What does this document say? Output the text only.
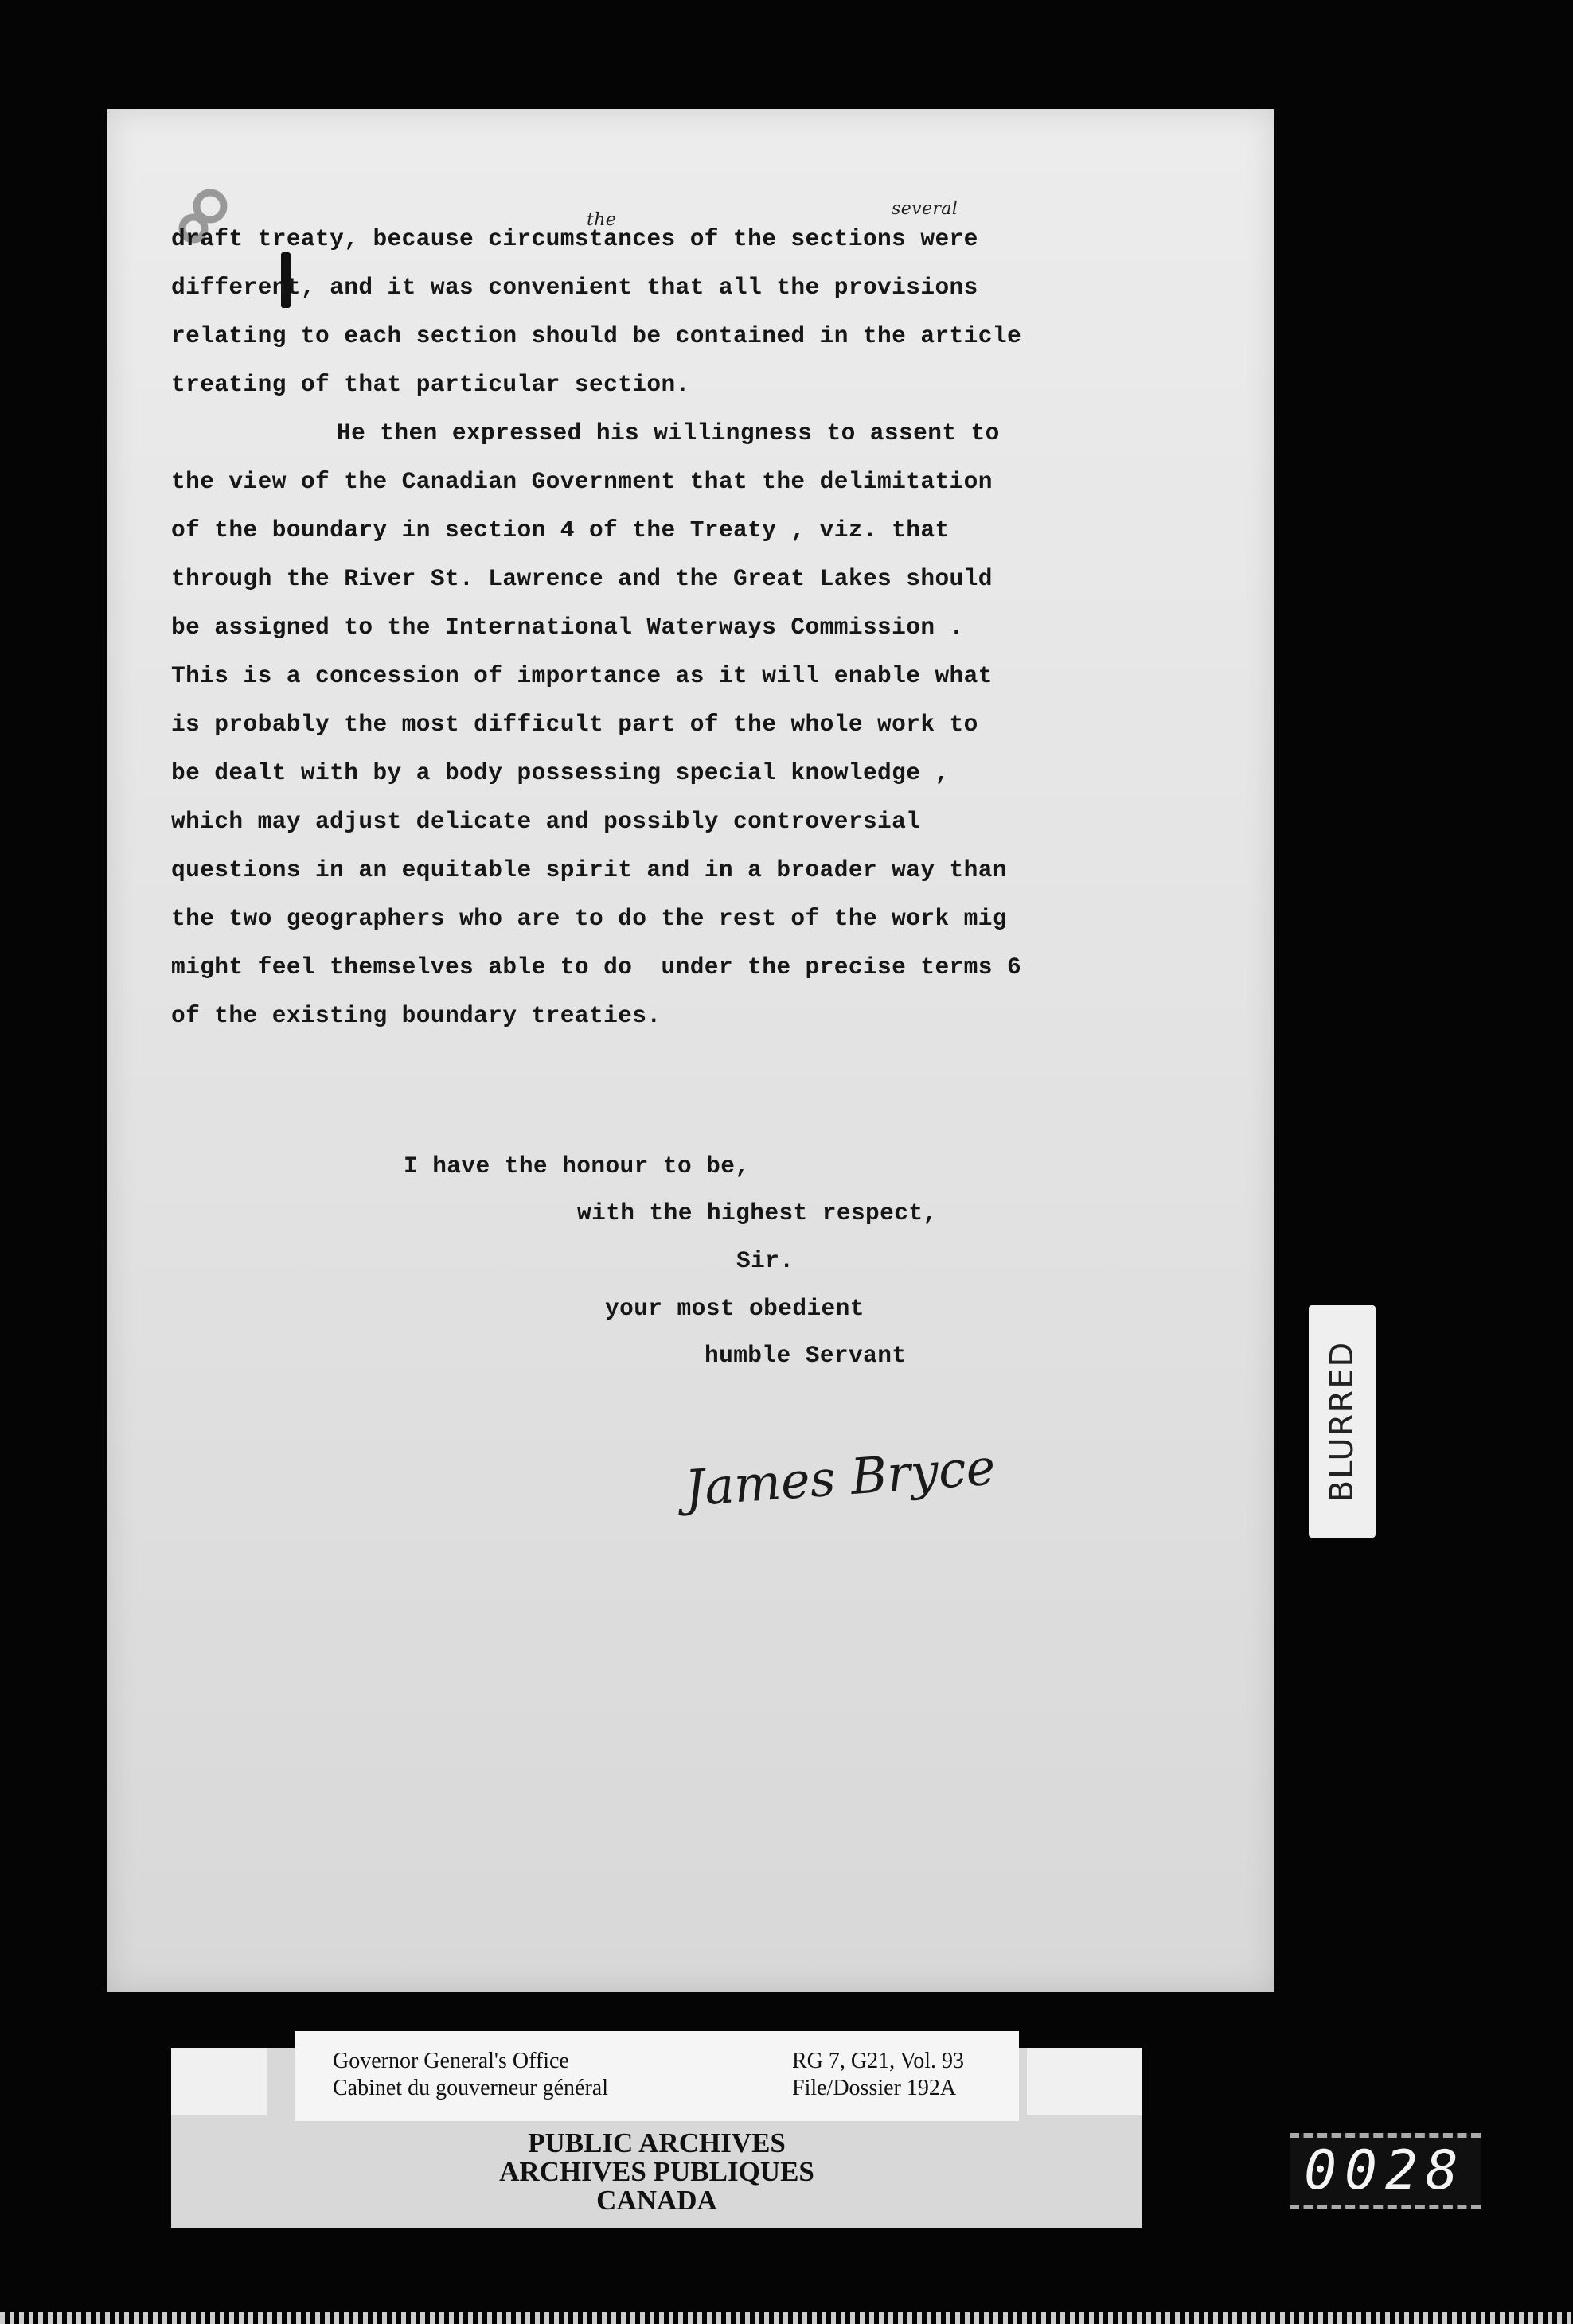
the
several
draft treaty, because circumstances of the sections were
different, and it was convenient that all the provisions
relating to each section should be contained in the article
treating of that particular section.
He then expressed his willingness to assent to
the view of the Canadian Government that the delimitation
of the boundary in section 4 of the Treaty , viz. that
through the River St. Lawrence and the Great Lakes should
be assigned to the International Waterways Commission .
This is a concession of importance as it will enable what
is probably the most difficult part of the whole work to
be dealt with by a body possessing special knowledge ,
which may adjust delicate and possibly controversial
questions in an equitable spirit and in a broader way than
the two geographers who are to do the rest of the work mig
might feel themselves able to do  under the precise terms 6
of the existing boundary treaties.
I have the honour to be,
with the highest respect,
Sir.
your most obedient
humble Servant
James Bryce	BLURRED
Governor General's Office
Cabinet du gouverneur général
RG 7, G21, Vol. 93
File/Dossier 192A
PUBLIC ARCHIVES
ARCHIVES PUBLIQUES
CANADA	0028
